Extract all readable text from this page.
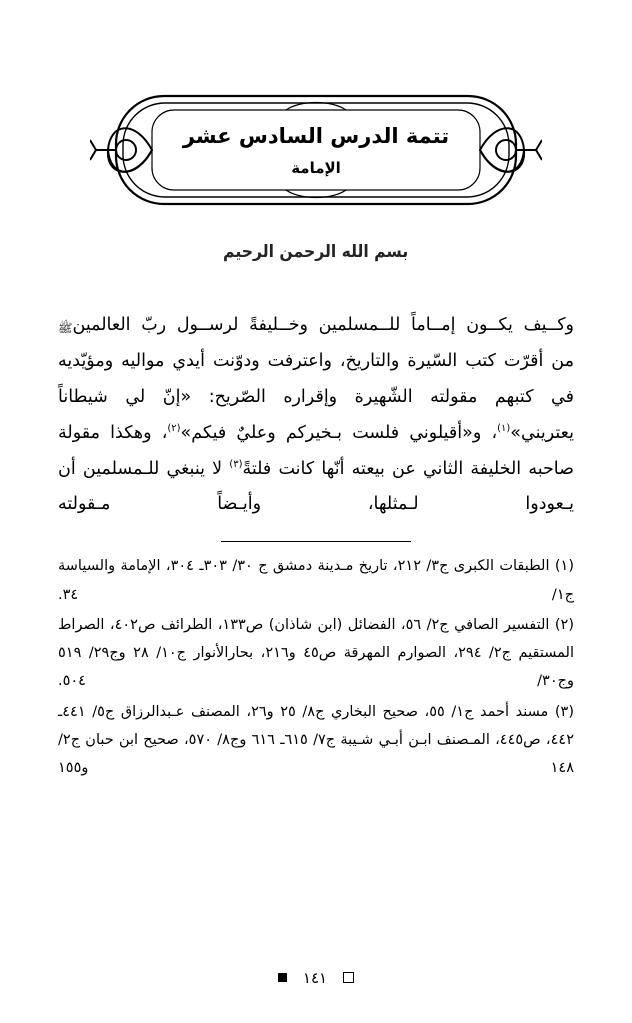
تتمة الدرس السادس عشر
الإمامة
بسم الله الرحمن الرحيم

وكــيف يكــون إمــاماً للــمسلمين وخــليفةً لرســول ربّ العالمينﷺ من أقرّت كتب السّيرة والتاريخ، واعترفت ودوّنت أيدي مواليه ومؤيّديه في كتبهم مقولته الشّهيرة وإقراره الصّريح: «إنّ لي شيطاناً يعتريني»$^{(١)}$، و«أقيلوني فلست بـخيركم وعليٌ فيكم»$^{(٢)}$، وهكذا مقولة صاحبه الخليفة الثاني عن بيعته أنّها كانت فلتةً$^{(٣)}$ لا ينبغي للـمسلمين أن يـعودوا لـمثلها، وأيـضاً مـقولته

(١) الطبقات الكبرى ج٣/ ٢١٢، تاريخ مـدينة دمشق ج ٣٠/ ٣٠٣ـ ٣٠٤، الإمامة والسياسة ج١/ ٣٤.
(٢) التفسير الصافي ج٢/ ٥٦، الفضائل (ابن شاذان) ص١٣٣، الطرائف ص٤٠٢، الصراط المستقيم ج٢/ ٢٩٤، الصوارم المهرقة ص٤٥ و٢١٦، بحارالأنوار ج١٠/ ٢٨ وج٢٩/ ٥١٩ وج٣٠/ ٥٠٤.
(٣) مسند أحمد ج١/ ٥٥، صحيح البخاري ج٨/ ٢٥ و٢٦، المصنف عـبدالرزاق ج٥/ ٤٤١ـ ٤٤٢، ص٤٤٥، المـصنف ابـن أبـي شـيبة ج٧/ ٦١٥ـ ٦١٦ وج٨/ ٥٧٠، صحيح ابن حبان ج٢/ ١٤٨ و١٥٥
١٤١
